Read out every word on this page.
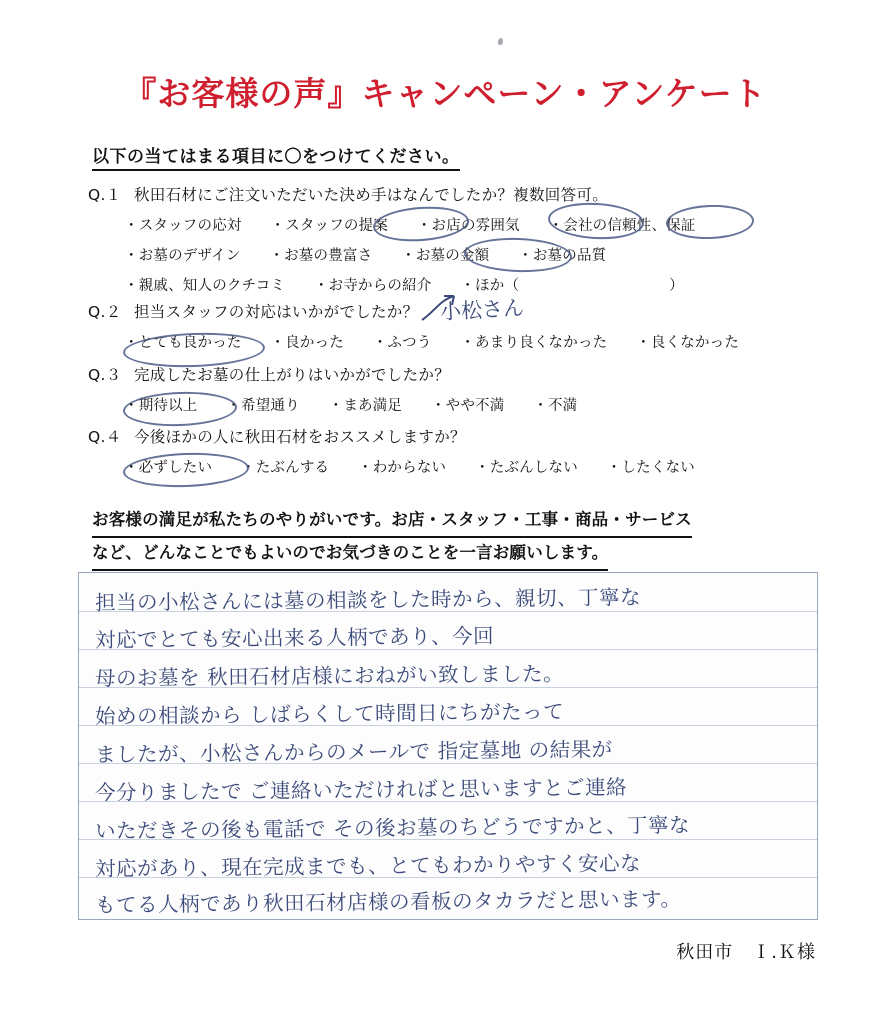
『お客様の声』キャンペーン・アンケート
以下の当てはまる項目に〇をつけてください。
Q.１ 秋田石材にご注文いただいた決め手はなんでしたか？複数回答可。
・スタッフの応対 ・スタッフの提案 ・お店の雰囲気 ・会社の信頼性、保証
・お墓のデザイン ・お墓の豊富さ ・お墓の金額 ・お墓の品質
・親戚、知人のクチコミ ・お寺からの紹介 ・ほか（	）
Q.２ 担当スタッフの対応はいかがでしたか？
・とても良かった ・良かった ・ふつう ・あまり良くなかった ・良くなかった
Q.３ 完成したお墓の仕上がりはいかがでしたか？
・期待以上 ・希望通り ・まあ満足 ・やや不満 ・不満
Q.４ 今後ほかの人に秋田石材をおススメしますか？
・必ずしたい ・たぶんする ・わからない ・たぶんしない ・したくない
小松さん
お客様の満足が私たちのやりがいです。お店・スタッフ・工事・商品・サービス
など、どんなことでもよいのでお気づきのことを一言お願いします。
担当の小松さんには墓の相談をした時から、親切、丁寧な
対応でとても安心出来る人柄であり、今回
母のお墓を 秋田石材店様におねがい致しました。
始めの相談から しばらくして時間日にちがたって
ましたが、小松さんからのメールで 指定墓地 の結果が
今分りましたで ご連絡いただければと思いますとご連絡
いただきその後も電話で その後お墓のちどうですかと、丁寧な
対応があり、現在完成までも、とてもわかりやすく安心な
もてる人柄であり秋田石材店様の看板のタカラだと思います。
秋田市　Ｉ.Ｋ様
